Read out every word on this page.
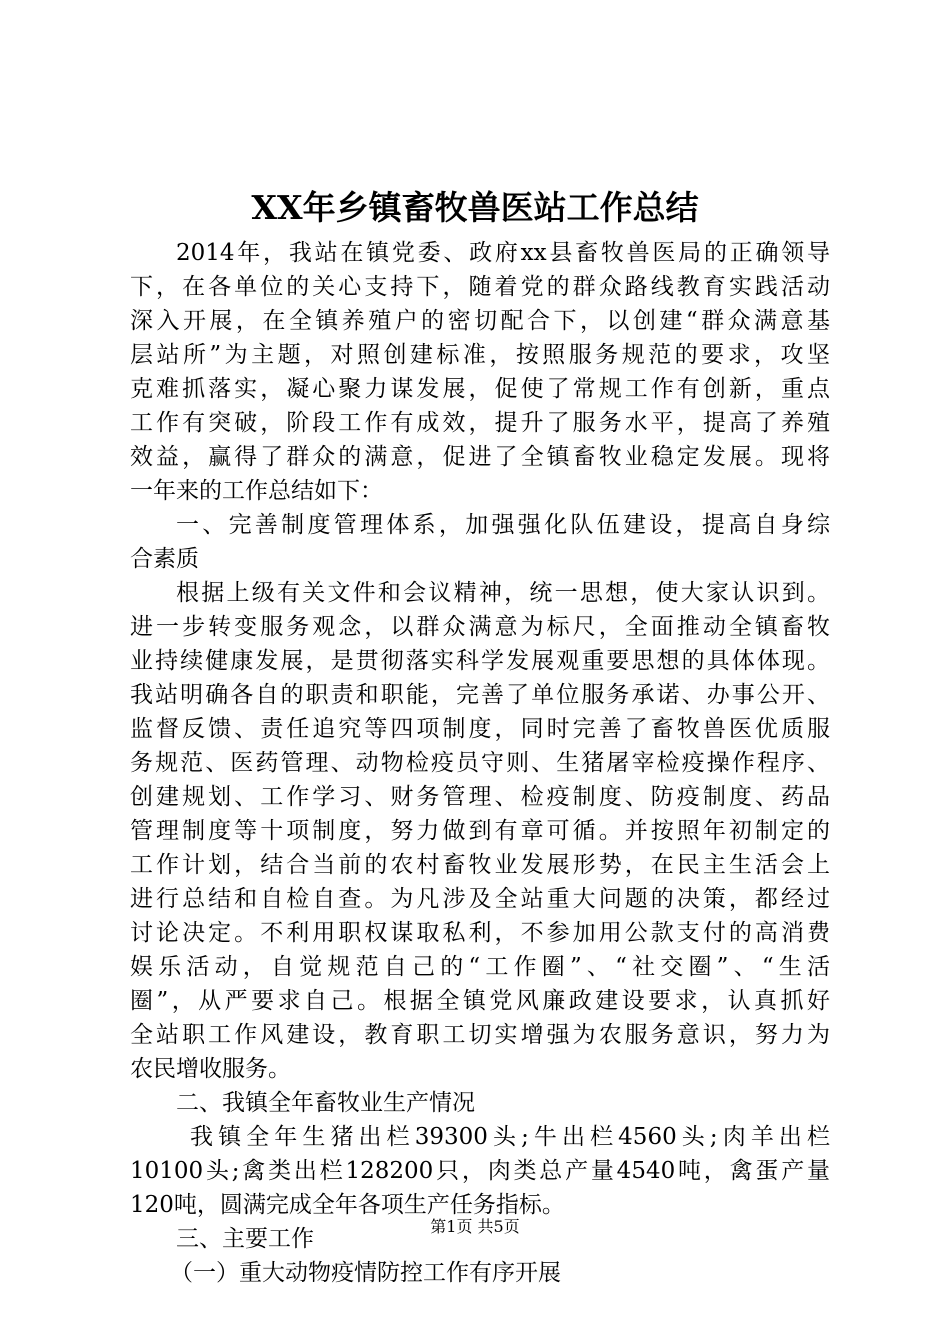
XX年乡镇畜牧兽医站工作总结
2014年，我站在镇党委、政府xx县畜牧兽医局的正确领导
下，在各单位的关心支持下，随着党的群众路线教育实践活动
深入开展，在全镇养殖户的密切配合下，以创建“群众满意基
层站所”为主题，对照创建标准，按照服务规范的要求，攻坚
克难抓落实，凝心聚力谋发展，促使了常规工作有创新，重点
工作有突破，阶段工作有成效，提升了服务水平，提高了养殖
效益，赢得了群众的满意，促进了全镇畜牧业稳定发展。现将
一年来的工作总结如下：
一、完善制度管理体系，加强强化队伍建设，提高自身综
合素质
根据上级有关文件和会议精神，统一思想，使大家认识到。
进一步转变服务观念，以群众满意为标尺，全面推动全镇畜牧
业持续健康发展，是贯彻落实科学发展观重要思想的具体体现。
我站明确各自的职责和职能，完善了单位服务承诺、办事公开、
监督反馈、责任追究等四项制度，同时完善了畜牧兽医优质服
务规范、医药管理、动物检疫员守则、生猪屠宰检疫操作程序、
创建规划、工作学习、财务管理、检疫制度、防疫制度、药品
管理制度等十项制度，努力做到有章可循。并按照年初制定的
工作计划，结合当前的农村畜牧业发展形势，在民主生活会上
进行总结和自检自查。为凡涉及全站重大问题的决策，都经过
讨论决定。不利用职权谋取私利，不参加用公款支付的高消费
娱乐活动，自觉规范自己的“工作圈”、“社交圈”、“生活
圈”，从严要求自己。根据全镇党风廉政建设要求，认真抓好
全站职工作风建设，教育职工切实增强为农服务意识，努力为
农民增收服务。
二、我镇全年畜牧业生产情况
我镇全年生猪出栏39300头;牛出栏4560头;肉羊出栏
10100头;禽类出栏128200只，肉类总产量4540吨，禽蛋产量
120吨，圆满完成全年各项生产任务指标。
三、主要工作
（一）重大动物疫情防控工作有序开展
第1页 共5页
